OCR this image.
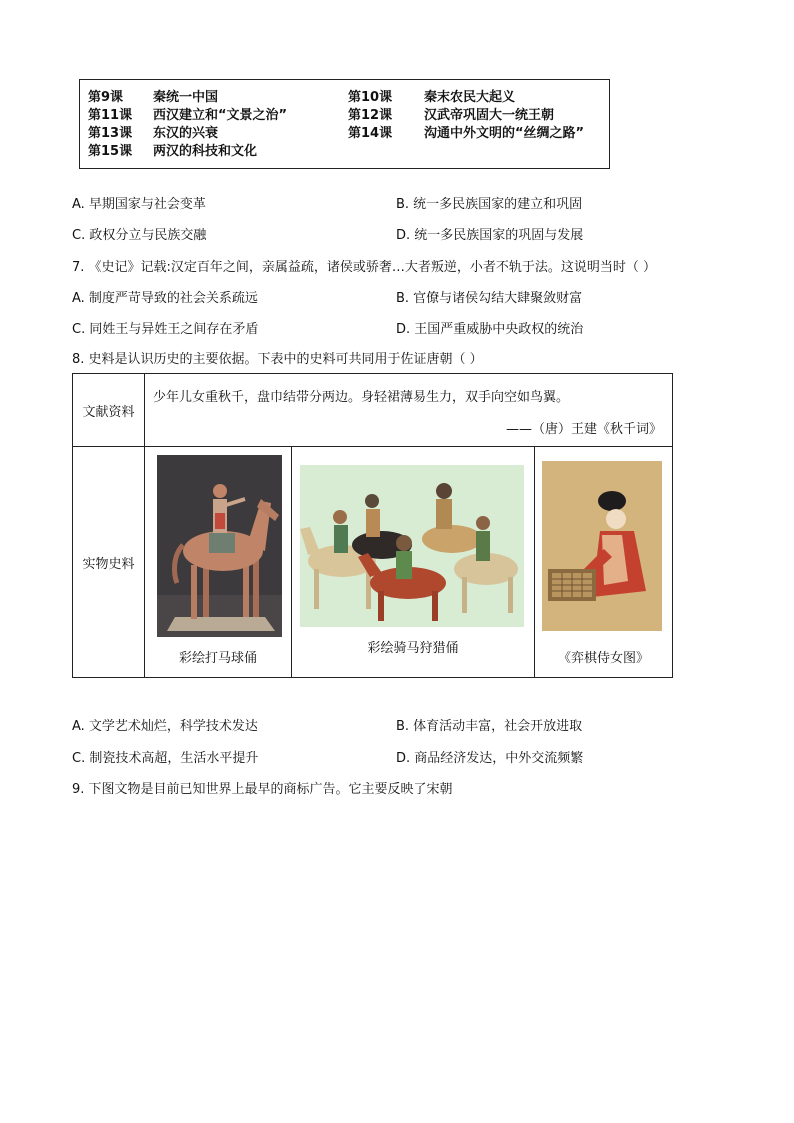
第9课 秦统一中国	第10课 秦末农民大起义
第11课 西汉建立和“文景之治”	第12课 汉武帝巩固大一统王朝
第13课 东汉的兴衰	第14课 沟通中外文明的“丝绸之路”
第15课 两汉的科技和文化
A. 早期国家与社会变革	B. 统一多民族国家的建立和巩固
C. 政权分立与民族交融	D. 统一多民族国家的巩固与发展
7. 《史记》记载:汉定百年之间，亲属益疏，诸侯或骄奢…大者叛逆，小者不轨于法。这说明当时（ ）
A. 制度严苛导致的社会关系疏远	B. 官僚与诸侯勾结大肆聚敛财富
C. 同姓王与异姓王之间存在矛盾	D. 王国严重威胁中央政权的统治
8. 史料是认识历史的主要依据。下表中的史料可共同用于佐证唐朝（ ）
文献资料	少年儿女重秋千，盘巾结带分两边。身轻裙薄易生力，双手向空如鸟翼。
——（唐）王建《秋千词》		

实物史料	彩绘打马球俑	彩绘骑马狩猎俑	《弈棋侍女图》
A. 文学艺术灿烂，科学技术发达	B. 体育活动丰富，社会开放进取
C. 制瓷技术高超，生活水平提升	D. 商品经济发达，中外交流频繁
9. 下图文物是目前已知世界上最早的商标广告。它主要反映了宋朝
